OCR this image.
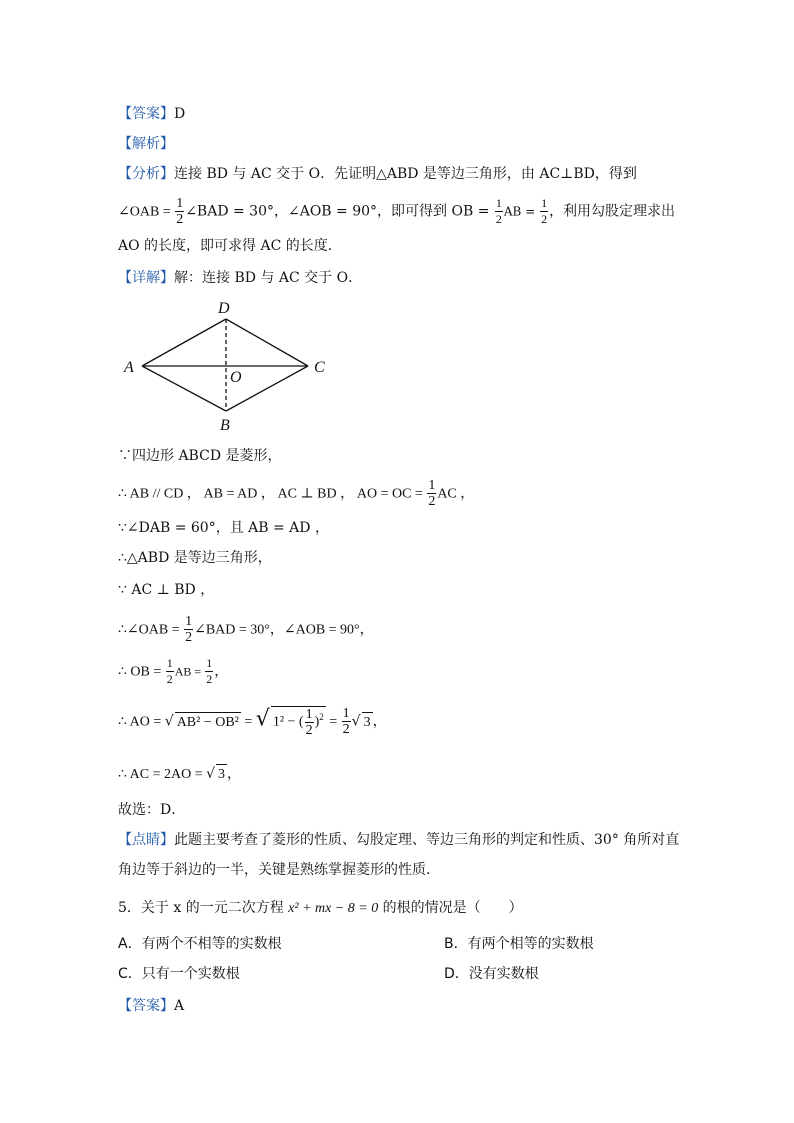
【答案】D
【解析】
【分析】连接 BD 与 AC 交于 O．先证明△ABD 是等边三角形，由 AC⊥BD，得到
∠OAB = $\frac{1}{2}$ ∠BAD = 30°，∠AOB = 90°，即可得到 OB = $\frac{1}{2}$ AB = $\frac{1}{2}$ ，利用勾股定理求出
AO 的长度，即可求得 AC 的长度．
【详解】解：连接 BD 与 AC 交于 O．
D
A	C
O
B
∵四边形 ABCD 是菱形，
∴ AB // CD ， AB = AD ， AC ⊥ BD ， AO = OC = $\frac{1}{2}$ AC ，
∵∠DAB = 60°，且 AB = AD ，
∴△ABD 是等边三角形，
∵ AC ⊥ BD ，
∴∠OAB = $\frac{1}{2}$ ∠BAD = 30°，∠AOB = 90°，
∴ OB = $\frac{1}{2}$ AB = $\frac{1}{2}$ ，
∴ AO = √ AB² − OB² = √ 1² − ( $\frac{1}{2} )^2 = \frac{1}{2}$ √ 3 ，
∴ AC = 2AO = √ 3 ，
故选：D．
【点睛】此题主要考查了菱形的性质、勾股定理、等边三角形的判定和性质、30° 角所对直
角边等于斜边的一半，关键是熟练掌握菱形的性质．
5．关于 x 的一元二次方程 x² + mx − 8 = 0 的根的情况是（　　）
A．有两个不相等的实数根	B．有两个相等的实数根
C．只有一个实数根	D．没有实数根
【答案】A
